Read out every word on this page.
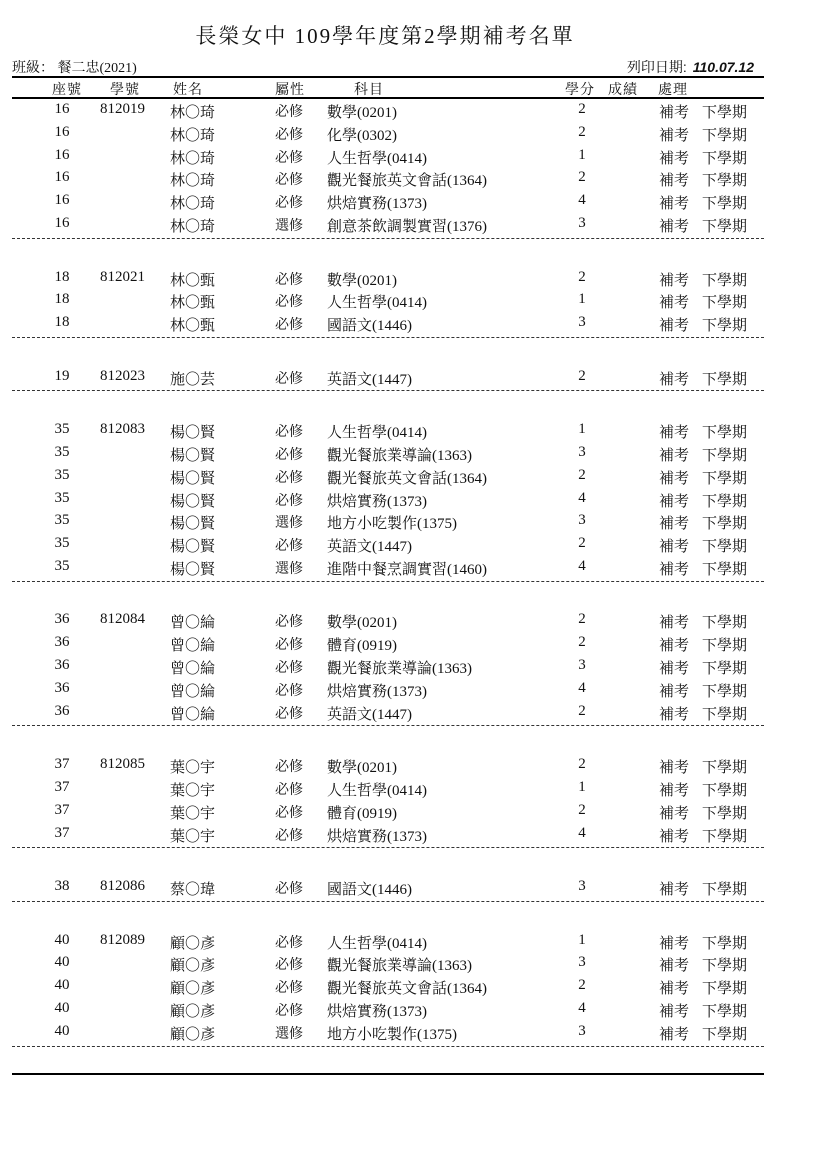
長榮女中 109學年度第2學期補考名單
班級： 餐二忠(2021)	列印日期: 110.07.12
座號 學號 姓名	屬性	科目	學分 成績 處理
16	812019 林〇琦	必修 數學(0201)	2	補考 下學期
16	林〇琦	必修 化學(0302)	2	補考 下學期
16	林〇琦	必修 人生哲學(0414)	1	補考 下學期
16	林〇琦	必修 觀光餐旅英文會話(1364)	2	補考 下學期
16	林〇琦	必修 烘焙實務(1373)	4	補考 下學期
16	林〇琦	選修 創意茶飲調製實習(1376)	3	補考 下學期
18	812021 林〇甄	必修 數學(0201)	2	補考 下學期
18	林〇甄	必修 人生哲學(0414)	1	補考 下學期
18	林〇甄	必修 國語文(1446)	3	補考 下學期
19	812023 施〇芸	必修 英語文(1447)	2	補考 下學期
35	812083 楊〇賢	必修 人生哲學(0414)	1	補考 下學期
35	楊〇賢	必修 觀光餐旅業導論(1363)	3	補考 下學期
35	楊〇賢	必修 觀光餐旅英文會話(1364)	2	補考 下學期
35	楊〇賢	必修 烘焙實務(1373)	4	補考 下學期
35	楊〇賢	選修 地方小吃製作(1375)	3	補考 下學期
35	楊〇賢	必修 英語文(1447)	2	補考 下學期
35	楊〇賢	選修 進階中餐烹調實習(1460)	4	補考 下學期
36	812084 曾〇綸	必修 數學(0201)	2	補考 下學期
36	曾〇綸	必修 體育(0919)	2	補考 下學期
36	曾〇綸	必修 觀光餐旅業導論(1363)	3	補考 下學期
36	曾〇綸	必修 烘焙實務(1373)	4	補考 下學期
36	曾〇綸	必修 英語文(1447)	2	補考 下學期
37	812085 葉〇宇	必修 數學(0201)	2	補考 下學期
37	葉〇宇	必修 人生哲學(0414)	1	補考 下學期
37	葉〇宇	必修 體育(0919)	2	補考 下學期
37	葉〇宇	必修 烘焙實務(1373)	4	補考 下學期
38	812086 蔡〇瑋	必修 國語文(1446)	3	補考 下學期
40	812089 顧〇彥	必修 人生哲學(0414)	1	補考 下學期
40	顧〇彥	必修 觀光餐旅業導論(1363)	3	補考 下學期
40	顧〇彥	必修 觀光餐旅英文會話(1364)	2	補考 下學期
40	顧〇彥	必修 烘焙實務(1373)	4	補考 下學期
40	顧〇彥	選修 地方小吃製作(1375)	3	補考 下學期
